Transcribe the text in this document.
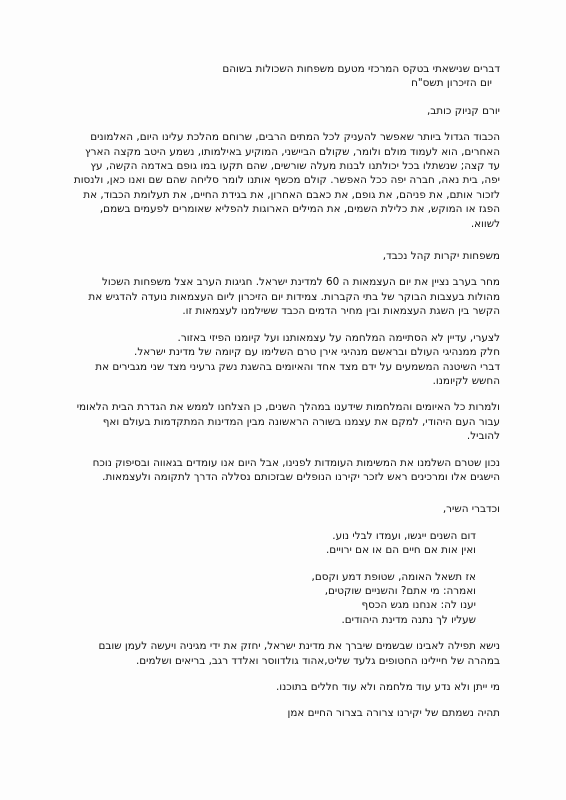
דברים שנישאתי בטקס המרכזי מטעם משפחות השכולות בשוהם
יום הזיכרון תשס"ח
יורם קניוק כותב,
הכבוד הגדול ביותר שאפשר להעניק לכל המתים הרבים, שרוחם מהלכת עלינו היום, האלמונים
האחרים, הוא לעמוד מולם ולומר, שקולם הביישני, המוקיע באילמותו, נשמע היטב מקצה הארץ
עד קצה; שנשתלו בכל יכולתנו לבנות מעלה שורשים, שהם תקעו במו גופם באדמה הקשה, עץ
יפה, בית נאה, חברה יפה ככל האפשר. קולם מכשף אותנו לומר סליחה שהם שם ואנו כאן, ולנסות
לזכור אותם, את פניהם, את גופם, את כאבם האחרון, את בגידת החיים, את תעלומת הכבוד, את
הפגז או המוקש, את כלילת השמים, את המילים הארוגות להפליא שאומרים לפעמים בשמם,
לשווא.
משפחות יקרות קהל נכבד,
מחר בערב נציין את יום העצמאות ה 60 למדינת ישראל. חגיגות הערב אצל משפחות השכול
מהולות בעצבות הבוקר של בתי הקברות. צמידות יום הזיכרון ליום העצמאות נועדה להדגיש את
הקשר בין השגת העצמאות ובין מחיר הדמים הכבד ששילמנו לעצמאות זו.
לצערי, עדיין לא הסתיימה המלחמה על עצמאותנו ועל קיומנו הפיזי באזור.
חלק ממנהיגי העולם ובראשם מנהיגי אירן טרם השלימו עם קיומה של מדינת ישראל.
דברי השיטנה המשמעים על ידם מצד אחד והאיומים בהשגת נשק גרעיני מצד שני מגבירים את
החשש לקיומנו.
ולמרות כל האיומים והמלחמות שידענו במהלך השנים, כן הצלחנו לממש את הגדרת הבית הלאומי
עבור העם היהודי, למקם את עצמנו בשורה הראשונה מבין המדינות המתקדמות בעולם ואף
להוביל.
נכון שטרם השלמנו את המשימות העומדות לפנינו, אבל היום אנו עומדים בגאווה ובסיפוק נוכח
הישגים אלו ומרכינים ראש לזכר יקירנו הנופלים שבזכותם נסללה הדרך לתקומה ולעצמאות.
וכדברי השיר,
דום השנים ייגשו, ועמדו לבלי נוע.
ואין אות אם חיים הם או אם ירויים.
אז תשאל האומה, שטופת דמע וקסם,
ואמרה: מי אתם? והשניים שוקטים,
יענו לה: אנחנו מגש הכסף
שעליו לך נתנה מדינת היהודים.
נישא תפילה לאבינו שבשמים שיברך את מדינת ישראל, יחזק את ידי מגיניה ויעשה לעמן שובם
במהרה של חיילינו החטופים גלעד שליט,אהוד גולדווסר ואלדד רגב, בריאים ושלמים.
מי ייתן ולא נדע עוד מלחמה ולא עוד חללים בתוכנו.
תהיה נשמתם של יקירנו צרורה בצרור החיים אמן
